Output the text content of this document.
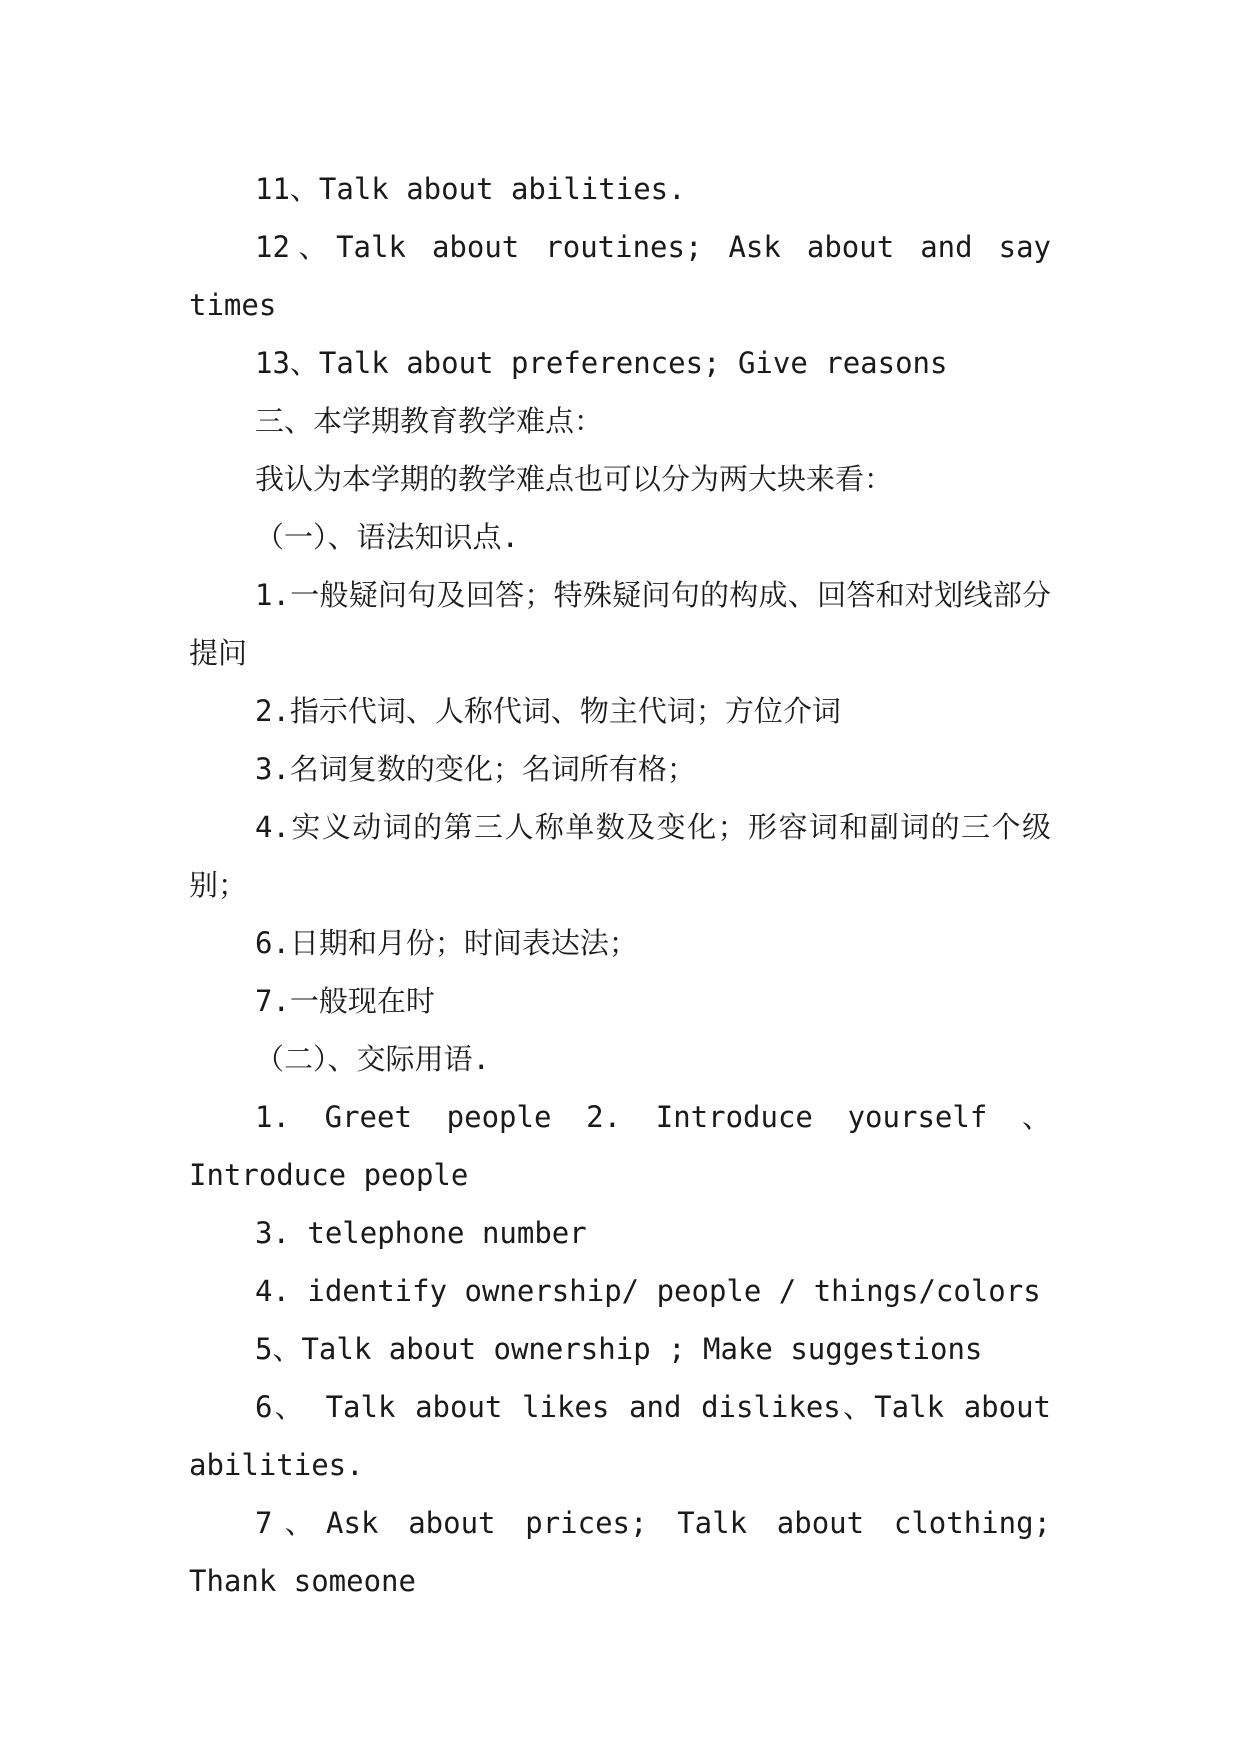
11、Talk about abilities.

12、Talk about routines; Ask about and say times

13、Talk about preferences; Give reasons

三、本学期教育教学难点：

我认为本学期的教学难点也可以分为两大块来看：

（一）、语法知识点.

1.一般疑问句及回答；特殊疑问句的构成、回答和对划线部分提问

2.指示代词、人称代词、物主代词；方位介词

3.名词复数的变化；名词所有格；

4.实义动词的第三人称单数及变化；形容词和副词的三个级别；

6.日期和月份；时间表达法；

7.一般现在时

（二）、交际用语.

1. Greet people 2. Introduce yourself 、Introduce people

3. telephone number

4. identify ownership/ people / things/colors

5、Talk about ownership ; Make suggestions

6、 Talk about likes and dislikes、Talk about abilities.

7、Ask about prices; Talk about clothing; Thank someone
